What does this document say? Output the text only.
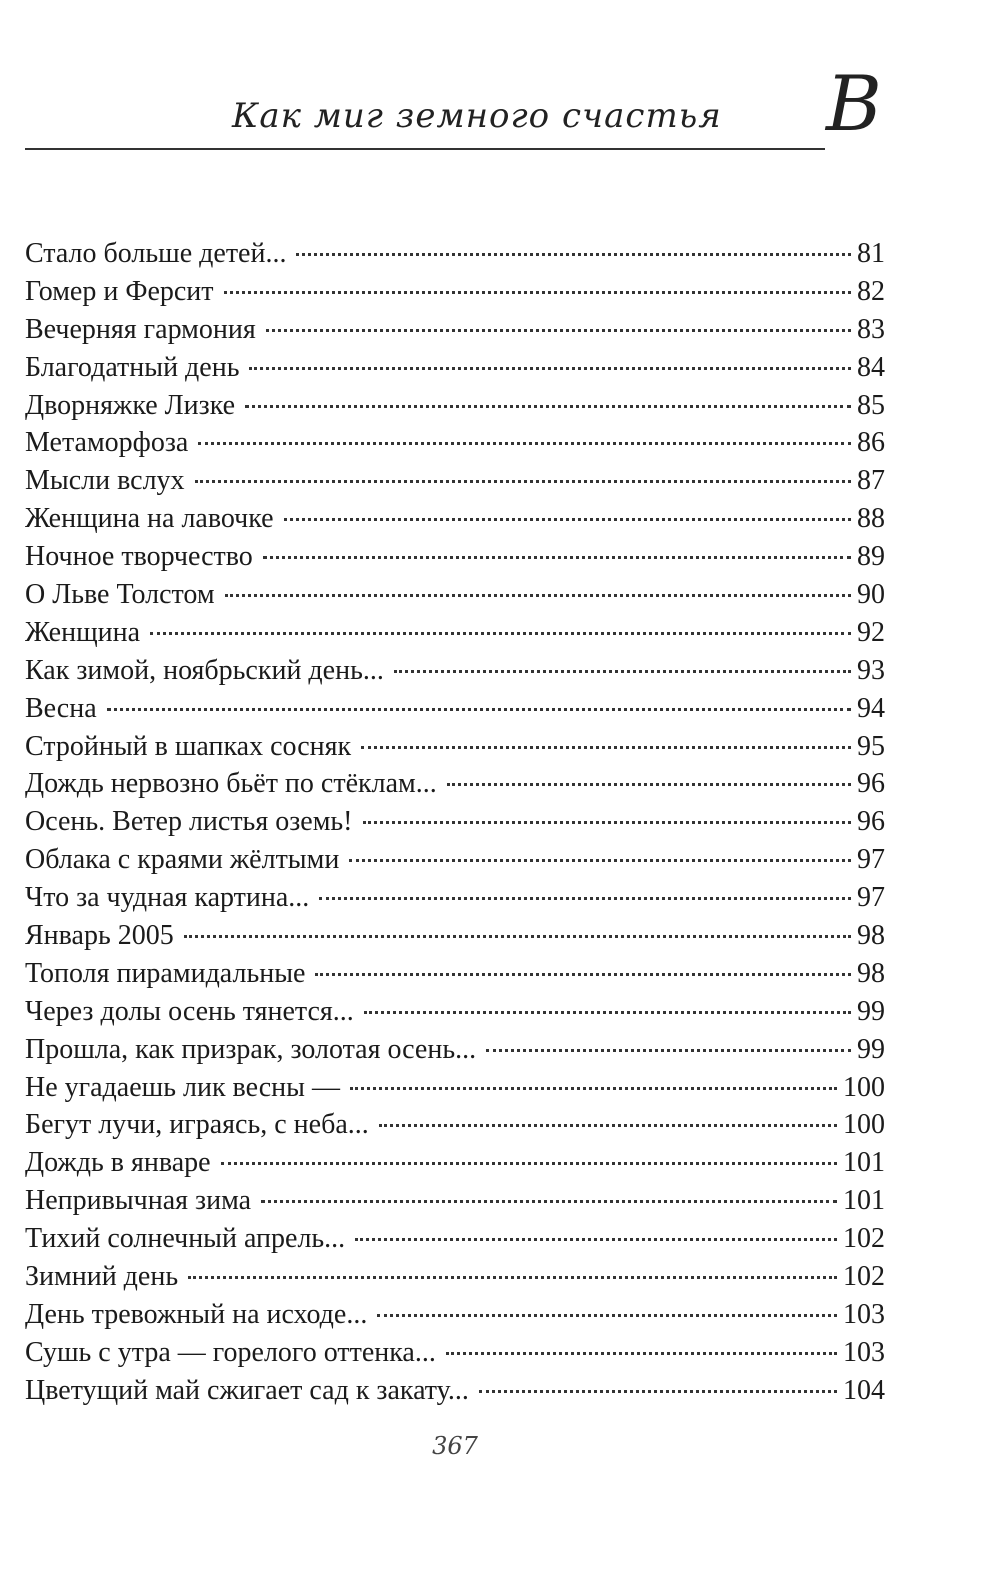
Как миг земного счастья В
Стало больше детей...	81
Гомер и Ферсит	82
Вечерняя гармония	83
Благодатный день	84
Дворняжке Лизке	85
Метаморфоза	86
Мысли вслух	87
Женщина на лавочке	88
Ночное творчество	89
О Льве Толстом	90
Женщина	92
Как зимой, ноябрьский день...	93
Весна	94
Стройный в шапках сосняк	95
Дождь нервозно бьёт по стёклам...	96
Осень. Ветер листья оземь!	96
Облака с краями жёлтыми	97
Что за чудная картина...	97
Январь 2005	98
Тополя пирамидальные	98
Через долы осень тянется...	99
Прошла, как призрак, золотая осень...	99
Не угадаешь лик весны —	100
Бегут лучи, играясь, с неба...	100
Дождь в январе	101
Непривычная зима	101
Тихий солнечный апрель...	102
Зимний день	102
День тревожный на исходе...	103
Сушь с утра — горелого оттенка...	103
Цветущий май сжигает сад к закату...	104
367
